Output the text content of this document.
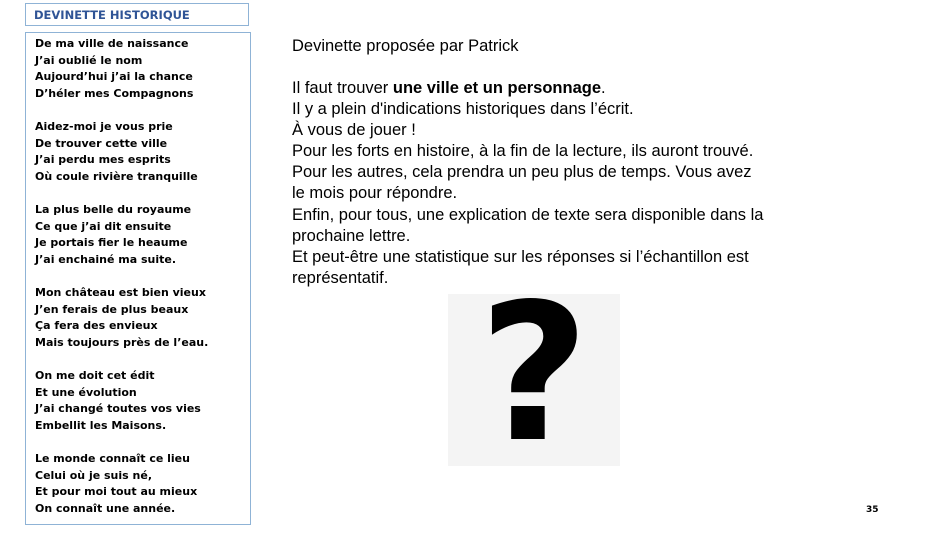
DEVINETTE HISTORIQUE
De ma ville de naissance
J’ai oublié le nom
Aujourd’hui j’ai la chance
D’héler mes Compagnons
Aidez-moi je vous prie
De trouver cette ville
J’ai perdu mes esprits
Où coule rivière tranquille
La plus belle du royaume
Ce que j’ai dit ensuite
Je portais fier le heaume
J’ai enchainé ma suite.
Mon château est bien vieux
J’en ferais de plus beaux
Ça fera des envieux
Mais toujours près de l’eau.
On me doit cet édit
Et une évolution
J’ai changé toutes vos vies
Embellit les Maisons.
Le monde connaît ce lieu
Celui où je suis né,
Et pour moi tout au mieux
On connaît une année.
Devinette proposée par Patrick
Il faut trouver une ville et un personnage.
Il y a plein d'indications historiques dans l’écrit.
À vous de jouer !
Pour les forts en histoire, à la fin de la lecture, ils auront trouvé.
Pour les autres, cela prendra un peu plus de temps. Vous avez
le mois pour répondre.
Enfin, pour tous, une explication de texte sera disponible dans la
prochaine lettre.
Et peut-être une statistique sur les réponses si l’échantillon est
représentatif. ?
35
